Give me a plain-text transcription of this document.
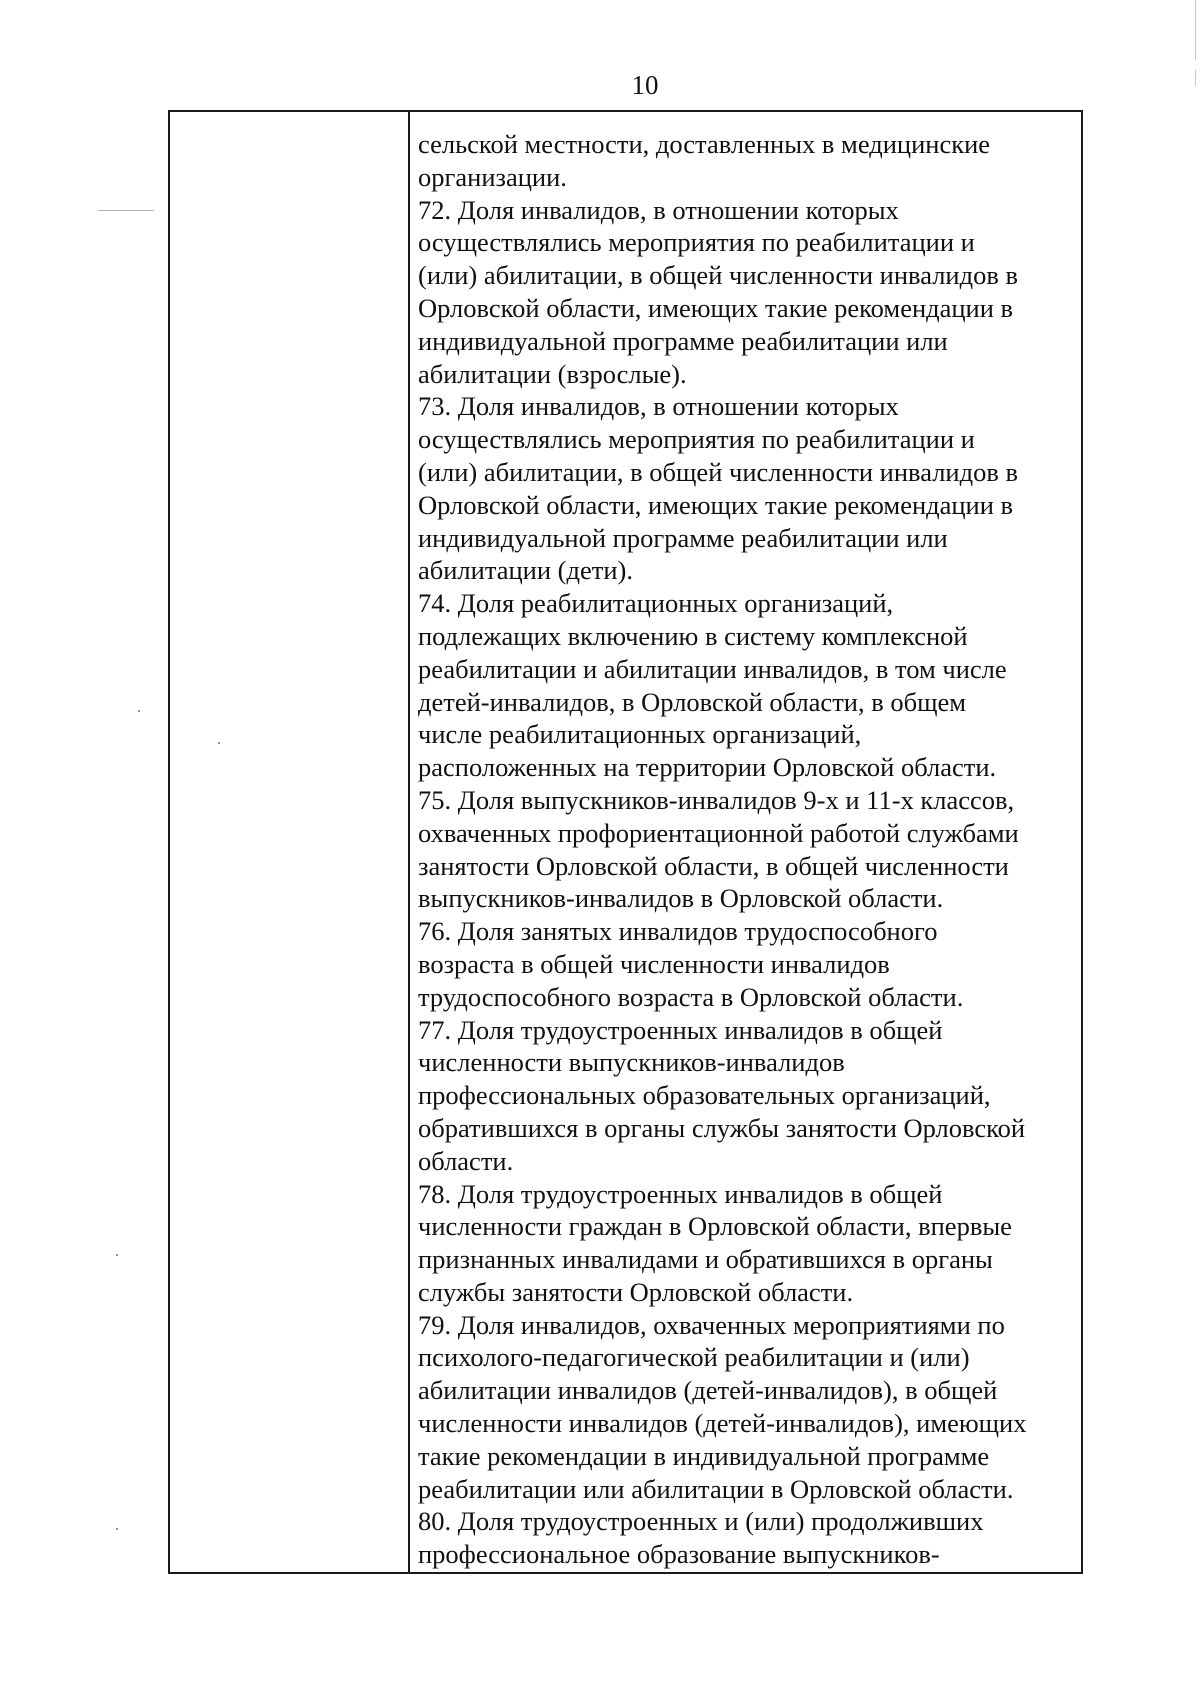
10
сельской местности, доставленных в медицинские
организации.
72. Доля инвалидов, в отношении которых
осуществлялись мероприятия по реабилитации и
(или) абилитации, в общей численности инвалидов в
Орловской области, имеющих такие рекомендации в
индивидуальной программе реабилитации или
абилитации (взрослые).
73. Доля инвалидов, в отношении которых
осуществлялись мероприятия по реабилитации и
(или) абилитации, в общей численности инвалидов в
Орловской области, имеющих такие рекомендации в
индивидуальной программе реабилитации или
абилитации (дети).
74. Доля реабилитационных организаций,
подлежащих включению в систему комплексной
реабилитации и абилитации инвалидов, в том числе
детей-инвалидов, в Орловской области, в общем
числе реабилитационных организаций,
расположенных на территории Орловской области.
75. Доля выпускников-инвалидов 9-х и 11-х классов,
охваченных профориентационной работой службами
занятости Орловской области, в общей численности
выпускников-инвалидов в Орловской области.
76. Доля занятых инвалидов трудоспособного
возраста в общей численности инвалидов
трудоспособного возраста в Орловской области.
77. Доля трудоустроенных инвалидов в общей
численности выпускников-инвалидов
профессиональных образовательных организаций,
обратившихся в органы службы занятости Орловской
области.
78. Доля трудоустроенных инвалидов в общей
численности граждан в Орловской области, впервые
признанных инвалидами и обратившихся в органы
службы занятости Орловской области.
79. Доля инвалидов, охваченных мероприятиями по
психолого-педагогической реабилитации и (или)
абилитации инвалидов (детей-инвалидов), в общей
численности инвалидов (детей-инвалидов), имеющих
такие рекомендации в индивидуальной программе
реабилитации или абилитации в Орловской области.
80. Доля трудоустроенных и (или) продолживших
профессиональное образование выпускников-
